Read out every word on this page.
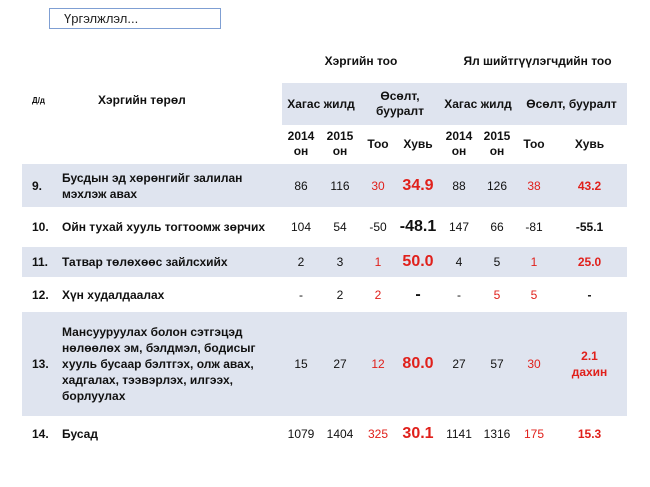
Үргэлжлэл...
Д/д	Хэргийн төрөл	Хэргийн тоо				Ял шийтгүүлэгчдийн тоо			
		Хагас жилд		Өсөлт, бууралт		Хагас жилд		Өсөлт, бууралт	
		2014 он	2015 он	Тоо	Хувь	2014 он	2015 он	Тоо	Хувь
9.	Бусдын эд хөрөнгийг залилан мэхлэж авах	86	116	30	34.9	88	126	38	43.2
10.	Ойн тухай хууль тогтоомж зөрчих	104	54	-50	-48.1	147	66	-81	-55.1
11.	Татвар төлөхөөс зайлсхийх	2	3	1	50.0	4	5	1	25.0
12.	Хүн худалдаалах	-	2	2	-	-	5	5	-
13.	Мансууруулах болон сэтгэцэд нөлөөлөх эм, бэлдмэл, бодисыг хууль бусаар бэлтгэх, олж авах, хадгалах, тээвэрлэх, илгээх, борлуулах	15	27	12	80.0	27	57	30	2.1 дахин
14.	Бусад	1079	1404	325	30.1	1141	1316	175	15.3
